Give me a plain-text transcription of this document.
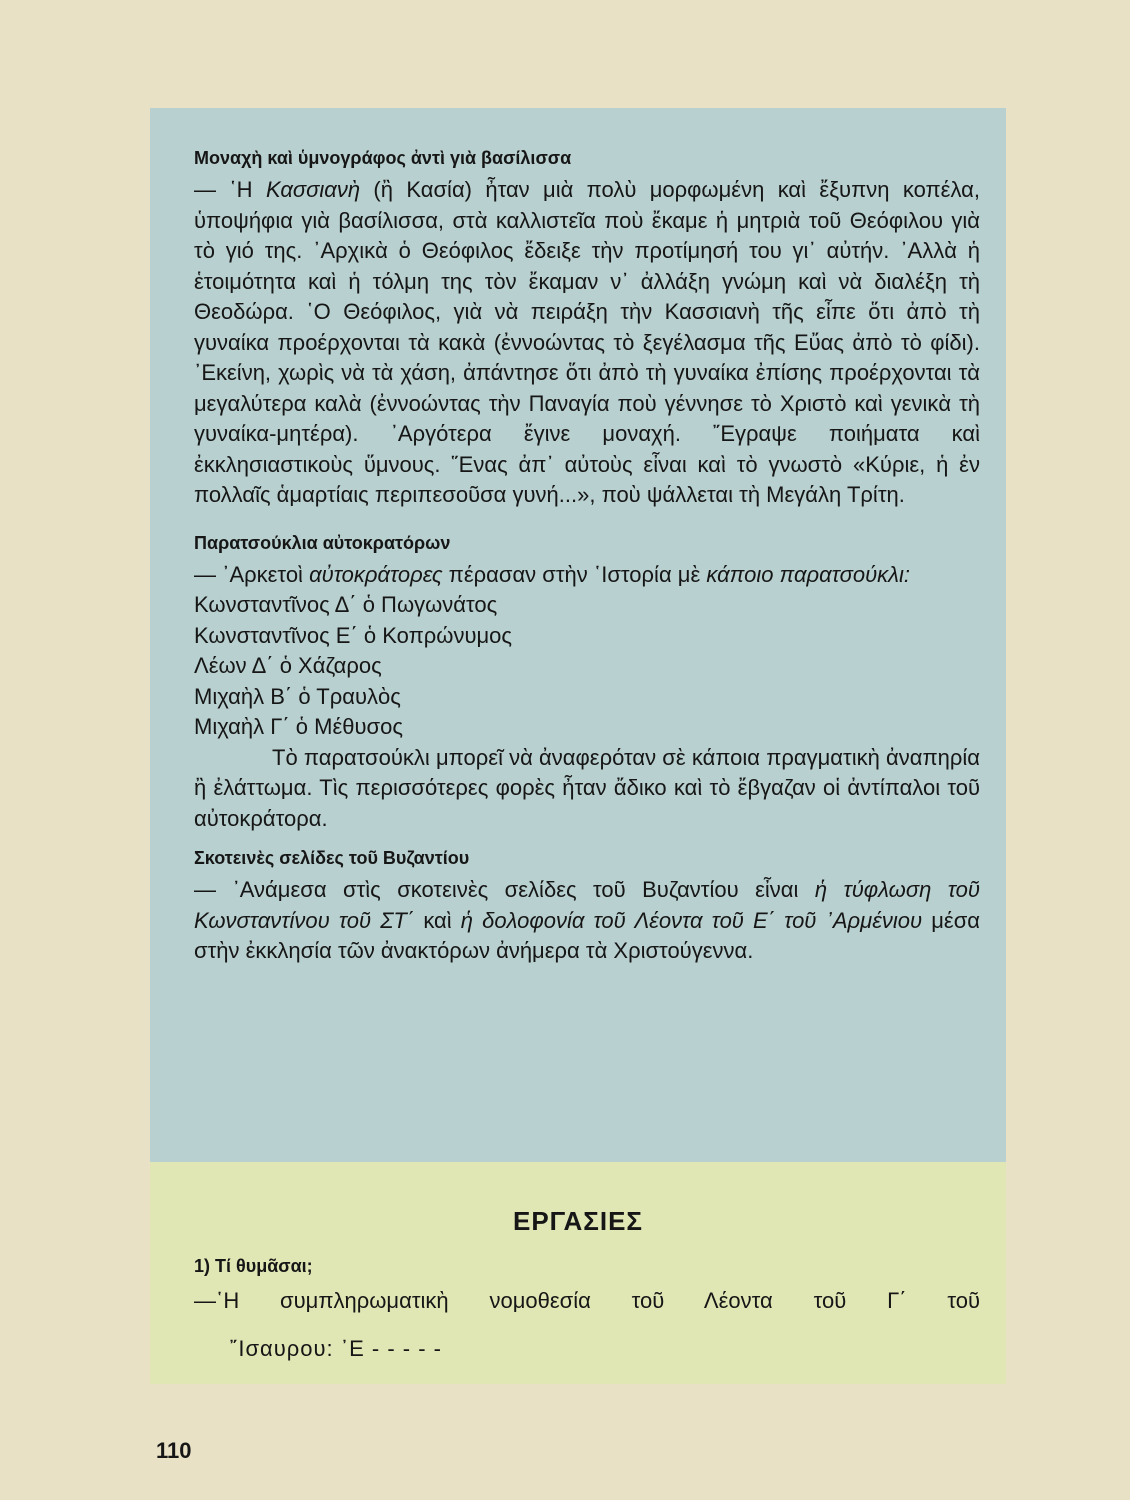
Μοναχὴ καὶ ὑμνογράφος ἀντὶ γιὰ βασίλισσα

— ῾Η Κασσιανὴ (ἢ Κασία) ἦταν μιὰ πολὺ μορφωμένη καὶ ἔξυπνη κοπέλα, ὑποψήφια γιὰ βασίλισσα, στὰ καλλιστεῖα ποὺ ἔκαμε ἡ μητριὰ τοῦ Θεόφιλου γιὰ τὸ γιό της. ᾿Αρχικὰ ὁ Θεόφιλος ἔδειξε τὴν προτίμησή του γι᾿ αὐτήν. ᾿Αλλὰ ἡ ἑτοιμότητα καὶ ἡ τόλμη της τὸν ἔκαμαν ν᾿ ἀλλάξη γνώμη καὶ νὰ διαλέξη τὴ Θεοδώρα. ῾Ο Θεόφιλος, γιὰ νὰ πειράξη τὴν Κασσιανὴ τῆς εἶπε ὅτι ἀπὸ τὴ γυναίκα προέρχονται τὰ κακὰ (ἐννοώντας τὸ ξεγέλασμα τῆς Εὔας ἀπὸ τὸ φίδι). ᾿Εκείνη, χωρὶς νὰ τὰ χάση, ἀπάντησε ὅτι ἀπὸ τὴ γυναίκα ἐπίσης προέρχονται τὰ μεγαλύτερα καλὰ (ἐννοώντας τὴν Παναγία ποὺ γέννησε τὸ Χριστὸ καὶ γενικὰ τὴ γυναίκα-μητέρα). ᾿Αργότερα ἔγινε μοναχή. ῎Εγραψε ποιήματα καὶ ἐκκλησιαστικοὺς ὕμνους. ῞Ενας ἀπ᾿ αὐτοὺς εἶναι καὶ τὸ γνωστὸ «Κύριε, ἡ ἐν πολλαῖς ἁμαρτίαις περιπεσοῦσα γυνή...», ποὺ ψάλλεται τὴ Μεγάλη Τρίτη.

Παρατσούκλια αὐτοκρατόρων

— ᾿Αρκετοὶ αὐτοκράτορες πέρασαν στὴν ῾Ιστορία μὲ κάποιο παρατσούκλι:

Κωνσταντῖνος Δ΄ ὁ Πωγωνάτος
Κωνσταντῖνος Ε΄ ὁ Κοπρώνυμος
Λέων Δ΄ ὁ Χάζαρος
Μιχαὴλ Β΄ ὁ Τραυλὸς
Μιχαὴλ Γ΄ ὁ Μέθυσος

Τὸ παρατσούκλι μπορεῖ νὰ ἀναφερόταν σὲ κάποια πραγματικὴ ἀναπηρία ἢ ἐλάττωμα. Τὶς περισσότερες φορὲς ἦταν ἄδικο καὶ τὸ ἔβγαζαν οἱ ἀντίπαλοι τοῦ αὐτοκράτορα.

Σκοτεινὲς σελίδες τοῦ Βυζαντίου

— ᾿Ανάμεσα στὶς σκοτεινὲς σελίδες τοῦ Βυζαντίου εἶναι ἡ τύφλωση τοῦ Κωνσταντίνου τοῦ ΣΤ΄ καὶ ἡ δολοφονία τοῦ Λέοντα τοῦ Ε΄ τοῦ ᾿Αρμένιου μέσα στὴν ἐκκλησία τῶν ἀνακτόρων ἀνήμερα τὰ Χριστούγεννα.

ΕΡΓΑΣΙΕΣ
1) Τί θυμᾶσαι;
—῾Η συμπληρωματικὴ νομοθεσία τοῦ Λέοντα τοῦ Γ΄ τοῦ
῎Ισαυρου: ᾿Ε - - - - -
110
